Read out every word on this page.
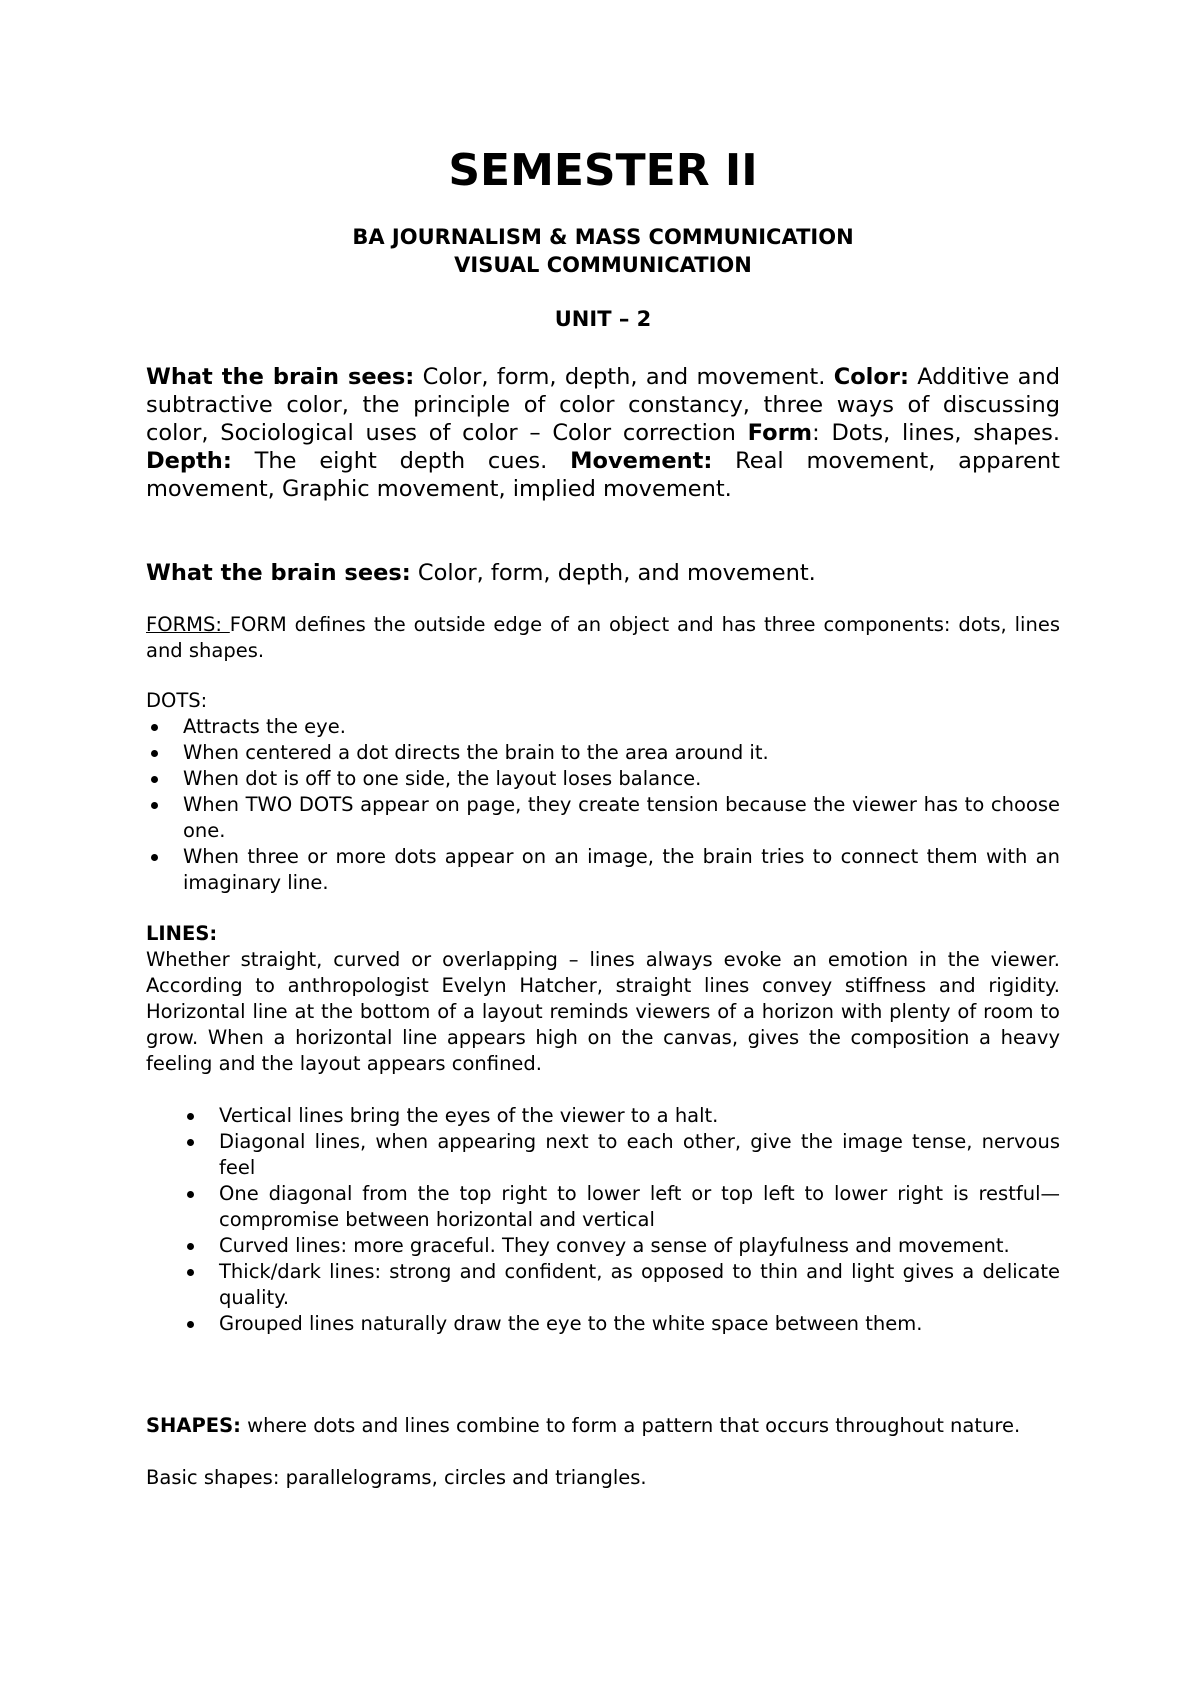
SEMESTER II

BA JOURNALISM & MASS COMMUNICATION

VISUAL COMMUNICATION

UNIT – 2

What the brain sees: Color, form, depth, and movement. Color: Additive and subtractive color, the principle of color constancy, three ways of discussing color, Sociological uses of color – Color correction Form: Dots, lines, shapes. Depth: The eight depth cues. Movement: Real movement, apparent movement, Graphic movement, implied movement.

What the brain sees: Color, form, depth, and movement.

FORMS: FORM defines the outside edge of an object and has three components: dots, lines and shapes.

DOTS:

Attracts the eye.
When centered a dot directs the brain to the area around it.
When dot is off to one side, the layout loses balance.
When TWO DOTS appear on page, they create tension because the viewer has to choose one.
When three or more dots appear on an image, the brain tries to connect them with an imaginary line.

LINES:

Whether straight, curved or overlapping – lines always evoke an emotion in the viewer. According to anthropologist Evelyn Hatcher, straight lines convey stiffness and rigidity. Horizontal line at the bottom of a layout reminds viewers of a horizon with plenty of room to grow. When a horizontal line appears high on the canvas, gives the composition a heavy feeling and the layout appears confined.

Vertical lines bring the eyes of the viewer to a halt.
Diagonal lines, when appearing next to each other, give the image tense, nervous feel
One diagonal from the top right to lower left or top left to lower right is restful—compromise between horizontal and vertical
Curved lines: more graceful. They convey a sense of playfulness and movement.
Thick/dark lines: strong and confident, as opposed to thin and light gives a delicate quality.
Grouped lines naturally draw the eye to the white space between them.

SHAPES: where dots and lines combine to form a pattern that occurs throughout nature.

Basic shapes: parallelograms, circles and triangles.
